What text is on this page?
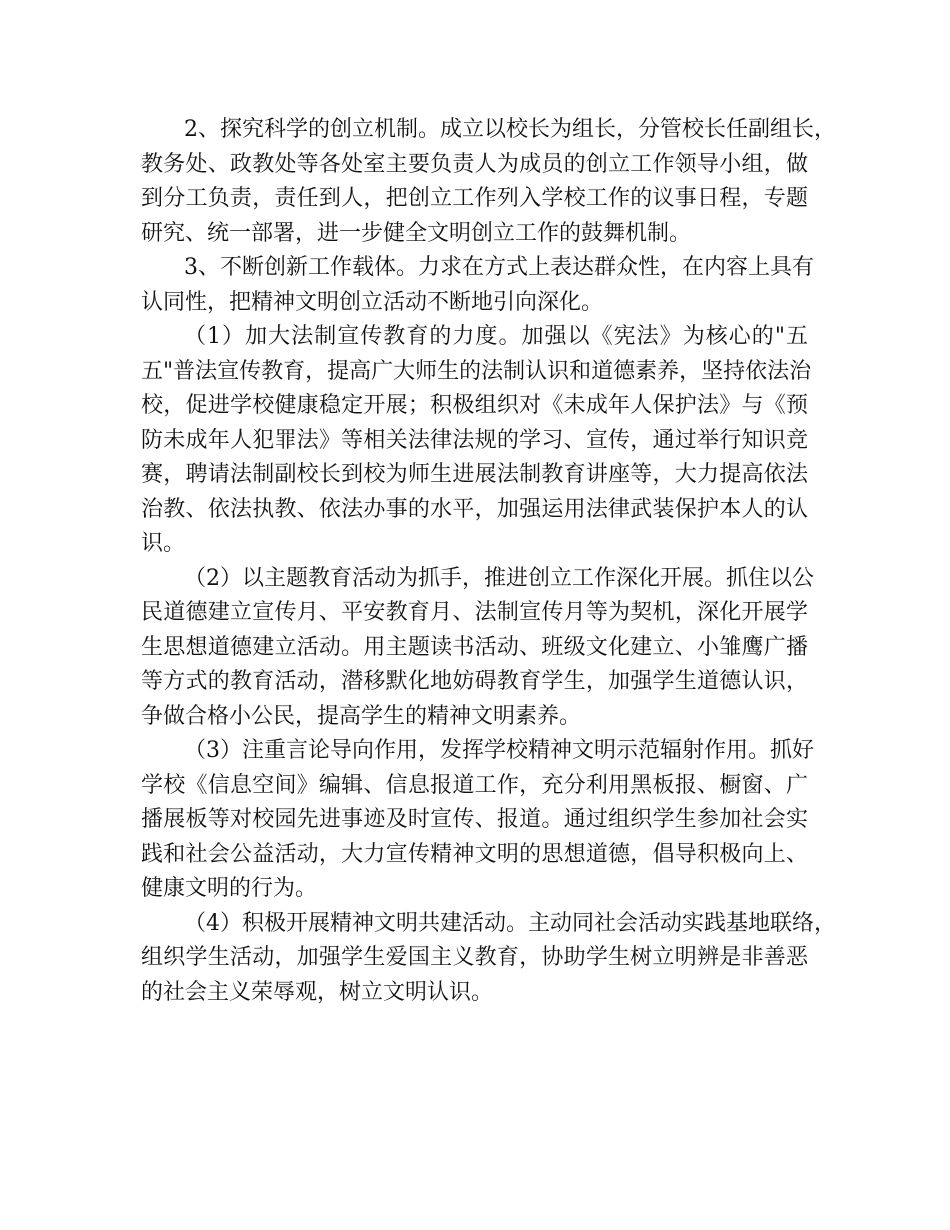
2、探究科学的创立机制。成立以校长为组长，分管校长任副组长，
教务处、政教处等各处室主要负责人为成员的创立工作领导小组，做
到分工负责，责任到人，把创立工作列入学校工作的议事日程，专题
研究、统一部署，进一步健全文明创立工作的鼓舞机制。
3、不断创新工作载体。力求在方式上表达群众性，在内容上具有
认同性，把精神文明创立活动不断地引向深化。
（1）加大法制宣传教育的力度。加强以《宪法》为核心的"五
五"普法宣传教育，提高广大师生的法制认识和道德素养，坚持依法治
校，促进学校健康稳定开展；积极组织对《未成年人保护法》与《预
防未成年人犯罪法》等相关法律法规的学习、宣传，通过举行知识竞
赛，聘请法制副校长到校为师生进展法制教育讲座等，大力提高依法
治教、依法执教、依法办事的水平，加强运用法律武装保护本人的认
识。
（2）以主题教育活动为抓手，推进创立工作深化开展。抓住以公
民道德建立宣传月、平安教育月、法制宣传月等为契机，深化开展学
生思想道德建立活动。用主题读书活动、班级文化建立、小雏鹰广播
等方式的教育活动，潜移默化地妨碍教育学生，加强学生道德认识，
争做合格小公民，提高学生的精神文明素养。
（3）注重言论导向作用，发挥学校精神文明示范辐射作用。抓好
学校《信息空间》编辑、信息报道工作，充分利用黑板报、橱窗、广
播展板等对校园先进事迹及时宣传、报道。通过组织学生参加社会实
践和社会公益活动，大力宣传精神文明的思想道德，倡导积极向上、
健康文明的行为。
（4）积极开展精神文明共建活动。主动同社会活动实践基地联络，
组织学生活动，加强学生爱国主义教育，协助学生树立明辨是非善恶
的社会主义荣辱观，树立文明认识。
